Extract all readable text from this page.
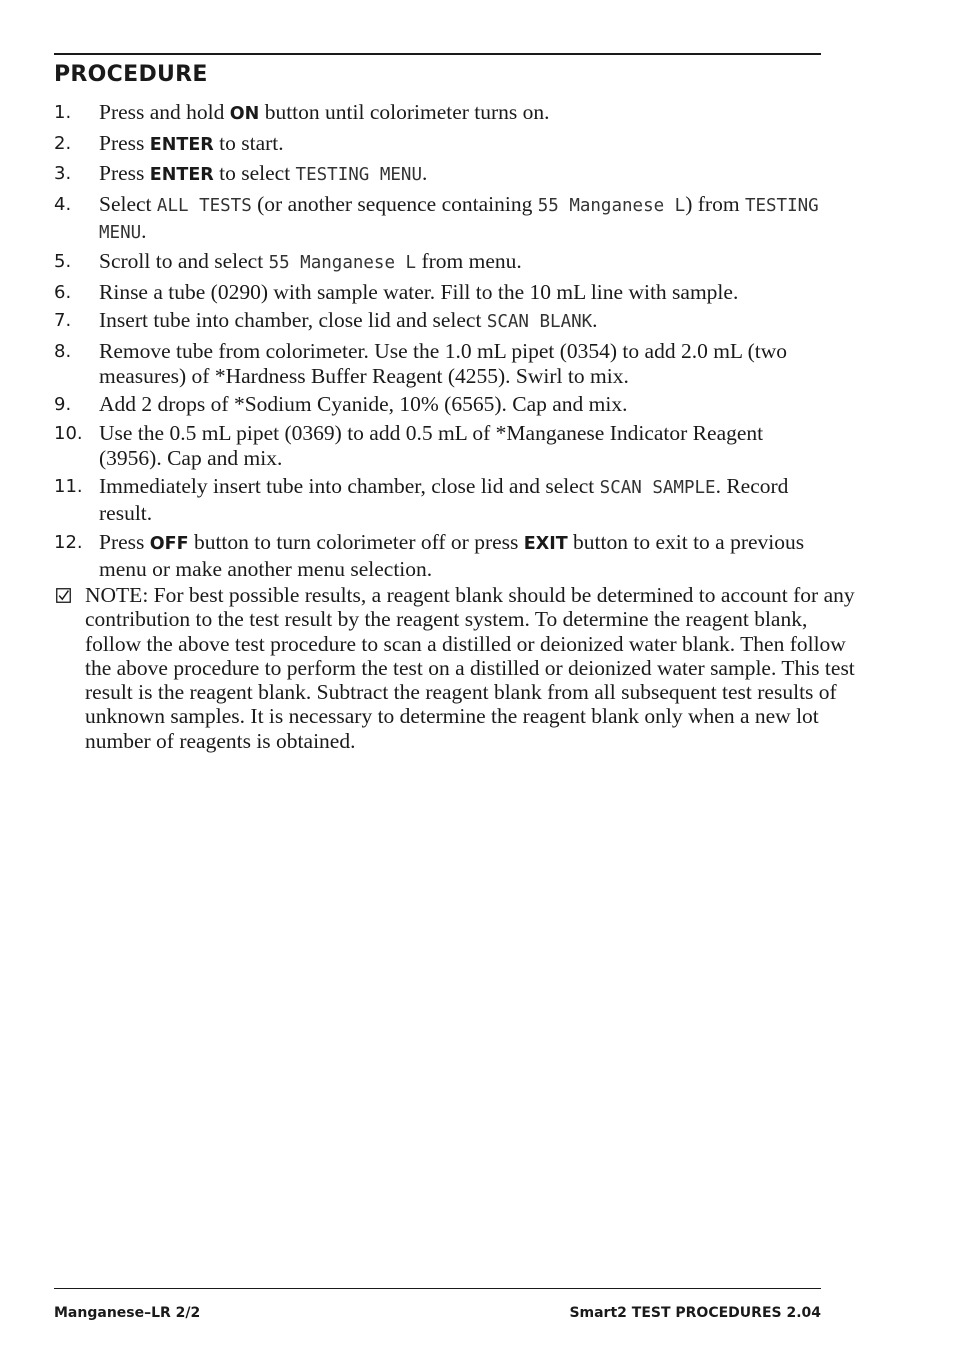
PROCEDURE
1. Press and hold ON button until colorimeter turns on.
2. Press ENTER to start.
3. Press ENTER to select TESTING MENU.
4. Select ALL TESTS (or another sequence containing 55 Manganese L) from TESTING MENU.
5. Scroll to and select 55 Manganese L from menu.
6. Rinse a tube (0290) with sample water. Fill to the 10 mL line with sample.
7. Insert tube into chamber, close lid and select SCAN BLANK.
8. Remove tube from colorimeter. Use the 1.0 mL pipet (0354) to add 2.0 mL (two measures) of *Hardness Buffer Reagent (4255). Swirl to mix.
9. Add 2 drops of *Sodium Cyanide, 10% (6565). Cap and mix.
10. Use the 0.5 mL pipet (0369) to add 0.5 mL of *Manganese Indicator Reagent (3956). Cap and mix.
11. Immediately insert tube into chamber, close lid and select SCAN SAMPLE. Record result.
12. Press OFF button to turn colorimeter off or press EXIT button to exit to a previous menu or make another menu selection.
NOTE: For best possible results, a reagent blank should be determined to account for any contribution to the test result by the reagent system. To determine the reagent blank, follow the above test procedure to scan a distilled or deionized water blank. Then follow the above procedure to perform the test on a distilled or deionized water sample. This test result is the reagent blank. Subtract the reagent blank from all subsequent test results of unknown samples. It is necessary to determine the reagent blank only when a new lot number of reagents is obtained.
Manganese–LR 2/2	Smart2 TEST PROCEDURES 2.04
